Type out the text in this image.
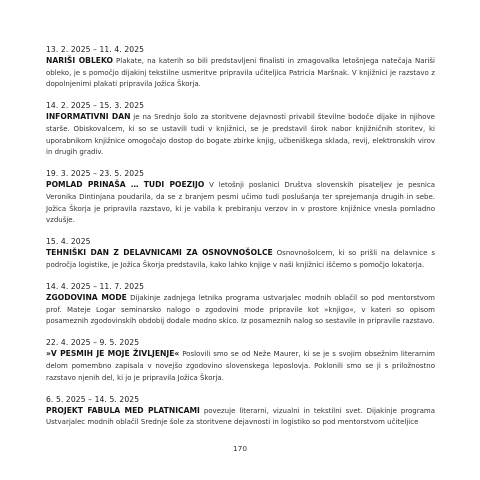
13. 2. 2025 – 11. 4. 2025
NARIŠI OBLEKO Plakate, na katerih so bili predstavljeni finalisti in zmagovalka letošnjega natečaja Nariši obleko, je s pomočjo dijakinj tekstilne usmeritve pripravila učiteljica Patricia Maršnak. V knjižnici je razstavo z dopolnjenimi plakati pripravila Jožica Škorja.
14. 2. 2025 – 15. 3. 2025
INFORMATIVNI DAN je na Srednjo šolo za storitvene dejavnosti privabil številne bodoče dijake in njihove starše. Obiskovalcem, ki so se ustavili tudi v knjižnici, se je predstavil širok nabor knjižničnih storitev, ki uporabnikom knjižnice omogočajo dostop do bogate zbirke knjig, učbeniškega sklada, revij, elektronskih virov in drugih gradiv.
19. 3. 2025 – 23. 5. 2025
POMLAD PRINAŠA … TUDI POEZIJO V letošnji poslanici Društva slovenskih pisateljev je pesnica Veronika Dintinjana poudarila, da se z branjem pesmi učimo tudi poslušanja ter sprejemanja drugih in sebe. Jožica Škorja je pripravila razstavo, ki je vabila k prebiranju verzov in v prostore knjižnice vnesla pomladno vzdušje.
15. 4. 2025
TEHNIŠKI DAN Z DELAVNICAMI ZA OSNOVNOŠOLCE Osnovnošolcem, ki so prišli na delavnice s področja logistike, je Jožica Škorja predstavila, kako lahko knjige v naši knjižnici iščemo s pomočjo lokatorja.
14. 4. 2025 – 11. 7. 2025
ZGODOVINA MODE Dijakinje zadnjega letnika programa ustvarjalec modnih oblačil so pod mentorstvom prof. Mateje Logar seminarsko nalogo o zgodovini mode pripravile kot »knjigo«, v kateri so opisom posameznih zgodovinskih obdobij dodale modno skico. Iz posameznih nalog so sestavile in pripravile razstavo.
22. 4. 2025 – 9. 5. 2025
»V PESMIH JE MOJE ŽIVLJENJE« Poslovili smo se od Neže Maurer, ki se je s svojim obsežnim literarnim delom pomembno zapisala v novejšo zgodovino slovenskega leposlovja. Poklonili smo se ji s priložnostno razstavo njenih del, ki jo je pripravila Jožica Škorja.
6. 5. 2025 – 14. 5. 2025
PROJEKT FABULA MED PLATNICAMI povezuje literarni, vizualni in tekstilni svet. Dijakinje programa Ustvarjalec modnih oblačil Srednje šole za storitvene dejavnosti in logistiko so pod mentorstvom učiteljice
170
